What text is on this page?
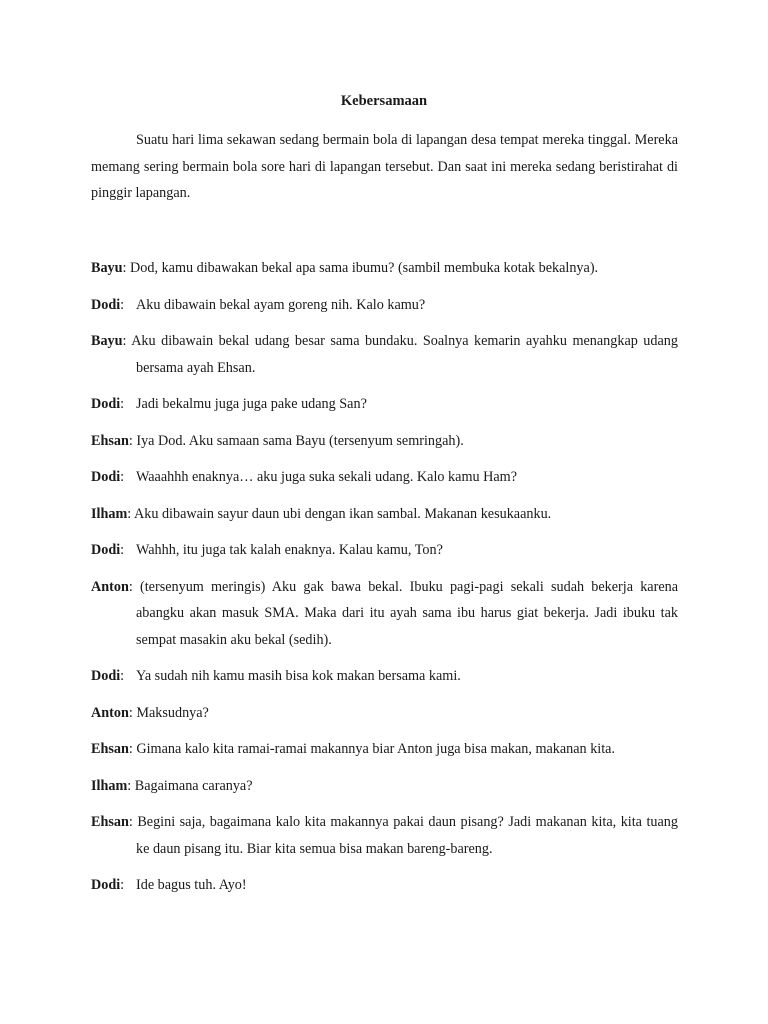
Kebersamaan
Suatu hari lima sekawan sedang bermain bola di lapangan desa tempat mereka tinggal. Mereka memang sering bermain bola sore hari di lapangan tersebut. Dan saat ini mereka sedang beristirahat di pinggir lapangan.
Bayu: Dod, kamu dibawakan bekal apa sama ibumu? (sambil membuka kotak bekalnya).
Dodi: Aku dibawain bekal ayam goreng nih. Kalo kamu?
Bayu: Aku dibawain bekal udang besar sama bundaku. Soalnya kemarin ayahku menangkap udang bersama ayah Ehsan.
Dodi: Jadi bekalmu juga juga pake udang San?
Ehsan: Iya Dod. Aku samaan sama Bayu (tersenyum semringah).
Dodi: Waaahhh enaknya… aku juga suka sekali udang. Kalo kamu Ham?
Ilham: Aku dibawain sayur daun ubi dengan ikan sambal. Makanan kesukaanku.
Dodi: Wahhh, itu juga tak kalah enaknya. Kalau kamu, Ton?
Anton: (tersenyum meringis) Aku gak bawa bekal. Ibuku pagi-pagi sekali sudah bekerja karena abangku akan masuk SMA. Maka dari itu ayah sama ibu harus giat bekerja. Jadi ibuku tak sempat masakin aku bekal (sedih).
Dodi: Ya sudah nih kamu masih bisa kok makan bersama kami.
Anton: Maksudnya?
Ehsan: Gimana kalo kita ramai-ramai makannya biar Anton juga bisa makan, makanan kita.
Ilham: Bagaimana caranya?
Ehsan: Begini saja, bagaimana kalo kita makannya pakai daun pisang? Jadi makanan kita, kita tuang ke daun pisang itu. Biar kita semua bisa makan bareng-bareng.
Dodi: Ide bagus tuh. Ayo!
